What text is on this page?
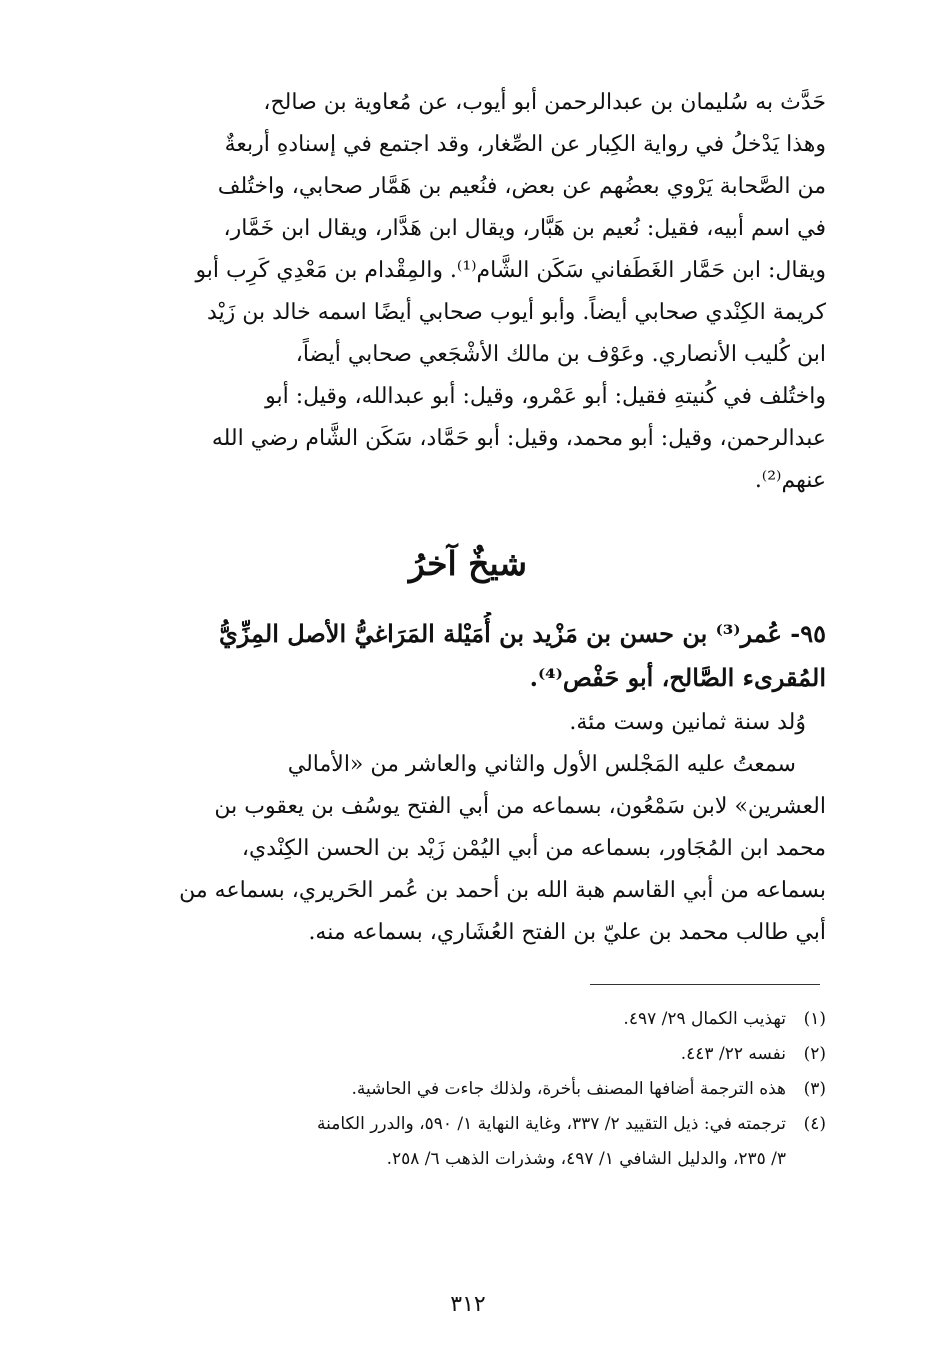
حَدَّث به سُليمان بن عبدالرحمن أبو أيوب، عن مُعاوية بن صالح،
وهذا يَدْخلُ في رواية الكِبار عن الصِّغار، وقد اجتمع في إسنادهِ أربعةٌ
من الصَّحابة يَرْوي بعضُهم عن بعض، فنُعيم بن هَمَّار صحابي، واختُلف
في اسم أبيه، فقيل: نُعيم بن هَبَّار، ويقال ابن هَدَّار، ويقال ابن خَمَّار،
ويقال: ابن حَمَّار الغَطَفاني سَكَن الشَّام⁽¹⁾. والمِقْدام بن مَعْدِي كَرِب أبو
كريمة الكِنْدي صحابي أيضاً. وأبو أيوب صحابي أيضًا اسمه خالد بن زَيْد
ابن كُليب الأنصاري. وعَوْف بن مالك الأشْجَعي صحابي أيضاً،
واختُلف في كُنيتهِ فقيل: أبو عَمْرو، وقيل: أبو عبدالله، وقيل: أبو
عبدالرحمن، وقيل: أبو محمد، وقيل: أبو حَمَّاد، سَكَن الشَّام رضي الله
عنهم⁽²⁾.
شيخٌ آخرُ
٩٥- عُمر⁽³⁾ بن حسن بن مَزْيد بن أُمَيْلة المَرَاغيُّ الأصل المِزِّيُّ
المُقرىء الصَّالح، أبو حَفْص⁽⁴⁾.
وُلد سنة ثمانين وست مئة.
سمعتُ عليه المَجْلس الأول والثاني والعاشر من «الأمالي
العشرين» لابن سَمْعُون، بسماعه من أبي الفتح يوسُف بن يعقوب بن
محمد ابن المُجَاور، بسماعه من أبي اليُمْن زَيْد بن الحسن الكِنْدي،
بسماعه من أبي القاسم هبة الله بن أحمد بن عُمر الحَريري، بسماعه من
أبي طالب محمد بن عليّ بن الفتح العُشَاري، بسماعه منه.
(١)
تهذيب الكمال ٢٩/ ٤٩٧.
(٢)
نفسه ٢٢/ ٤٤٣.
(٣)
هذه الترجمة أضافها المصنف بأخرة، ولذلك جاءت في الحاشية.
(٤)
ترجمته في: ذيل التقييد ٢/ ٣٣٧، وغاية النهاية ١/ ٥٩٠، والدرر الكامنة
٣/ ٢٣٥، والدليل الشافي ١/ ٤٩٧، وشذرات الذهب ٦/ ٢٥٨.
٣١٢
